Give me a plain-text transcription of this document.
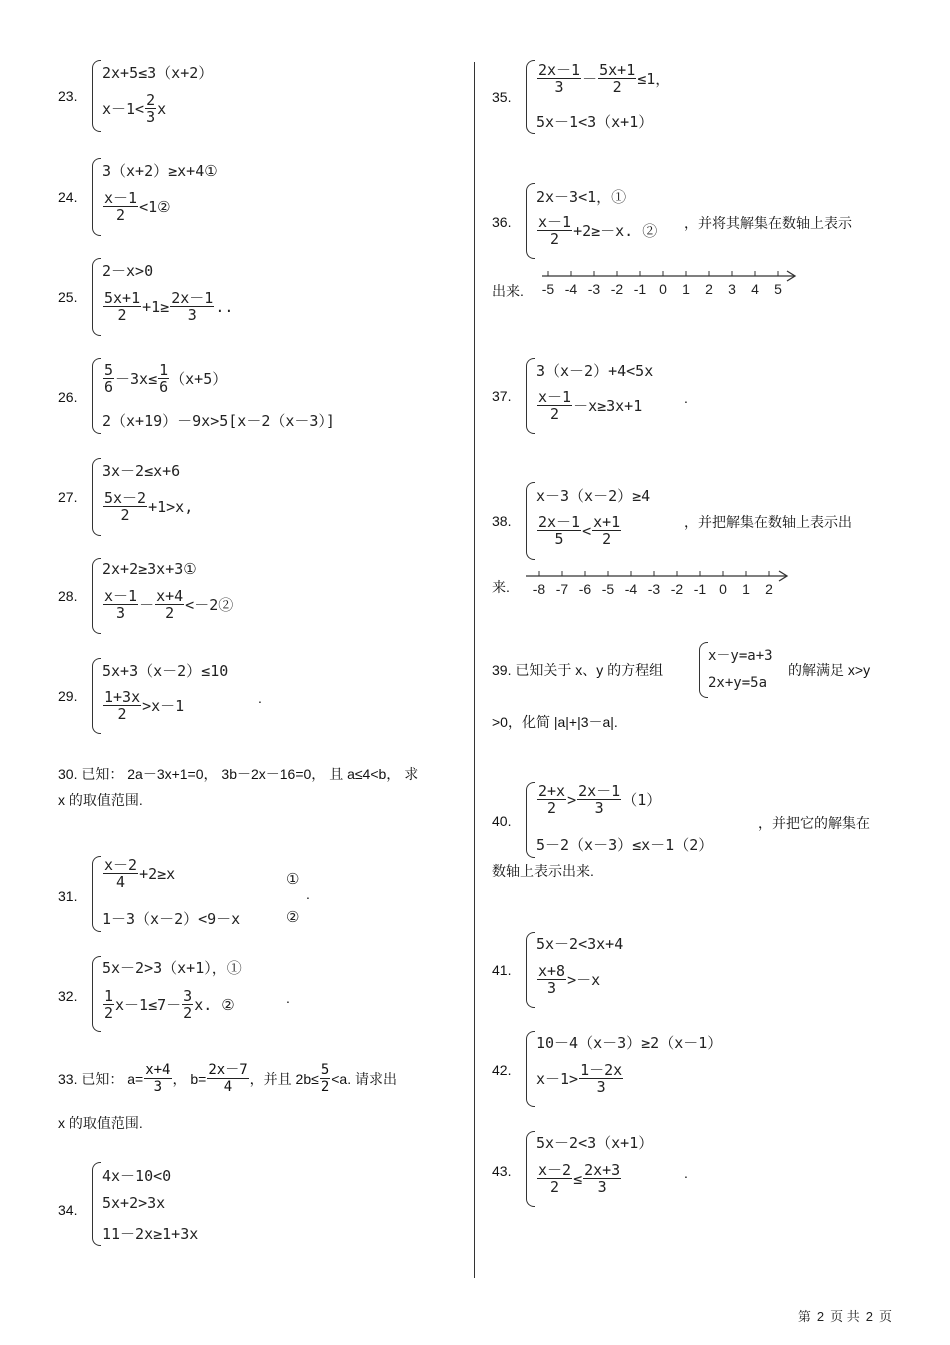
23.
2x+5≤3（x+2）
$x-1< \frac{2}{3}$ x
24.
3（x+2）≥x+4①
$\frac{x-1}{2}$ <1②
25.
2－x>0
$\frac{5x+1}{2} +1\ge \frac{2x-1}{3}$ ..
26.
$\frac{5}{6} -3x\le \frac{1}{6} (x+5)$
2（x+19）－9x>5[x－2（x－3）]
27.
3x－2≤x+6
$\frac{5x-2}{2} +1>x$ ,
28.
2x+2≥3x+3①
$\frac{x-1}{3} - \frac{x+4}{2}$ <－2②
29.
5x+3（x－2）≤10
$\frac{1+3x}{2} >x-1$	.
30. 已知： 2a－3x+1=0， 3b－2x－16=0， 且 a≤4<b， 求
x 的取值范围.
31.
$\frac{x-2}{4} +2\ge x$	①
1－3（x－2）<9－x	②
.
32.
5x－2>3（x+1），①
$\frac{1}{2} x-1\le 7- \frac{3}{2} x$. ②	.
33. 已知： $a= \frac{x+4}{3}$ ， $b= \frac{2x-7}{4}$ ，并且 $2b\le \frac{5}{2} <a$. 请求出
x 的取值范围.
34.
4x－10<0
5x+2>3x
11－2x≥1+3x
35.
$\frac{2x-1}{3} - \frac{5x+1}{2} \le 1$ ，
5x－1<3（x+1）
36.
2x－3<1，①
$\frac{x-1}{2} +2\ge-x$. ② ，并将其解集在数轴上表示
出来. -5 -4 -3 -2 -1 0 1 2 3 4 5
37.
3（x－2）+4<5x
$\frac{x-1}{2} -x\ge 3x+1$	.
38.
x－3（x－2）≥4
$\frac{2x-1}{5} < \frac{x+1}{2}$	，并把解集在数轴上表示出
来. -8 -7 -6 -5 -4 -3 -2 -1 0 1 2
39. 已知关于 x、y 的方程组
x－y=a+3
2x+y=5a
的解满足 x>y
>0，化简 |a|+|3－a|.
40.
$\frac{2+x}{2} > \frac{2x-1}{3} (1)$
5－2（x－3）≤x－1（2）
，并把它的解集在
数轴上表示出来.
41.
5x－2<3x+4
$\frac{x+8}{3} >-x$
42.
10－4（x－3）≥2（x－1）
$x-1> \frac{1-2x}{3}$
43.
5x－2<3（x+1）
$\frac{x-2}{2} \le \frac{2x+3}{3}$	.
第 2 页 共 2 页
